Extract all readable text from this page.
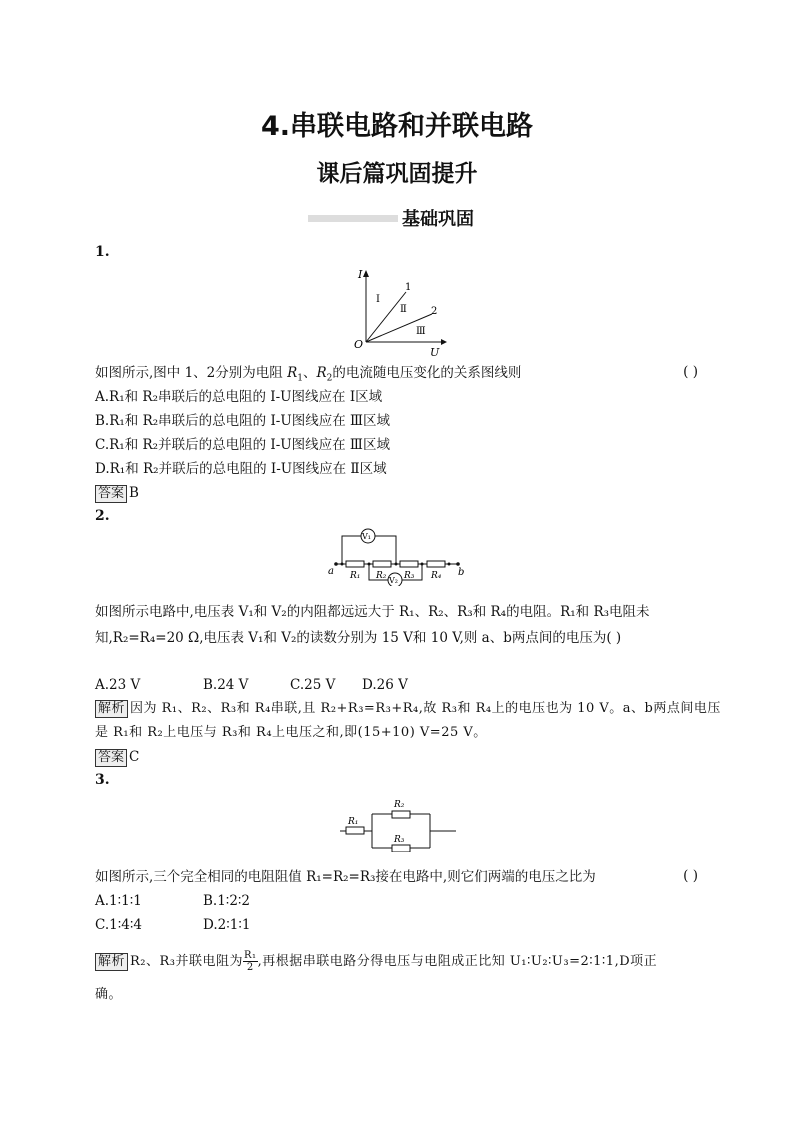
4.串联电路和并联电路
课后篇巩固提升
基础巩固
1.
I
U
O
1
2
Ⅰ
Ⅱ
Ⅲ
如图所示,图中 1、2分别为电阻 $R_1$、$R_2$的电流随电压变化的关系图线则	( )
A.R₁和 R₂串联后的总电阻的 I-U图线应在 Ⅰ区域
B.R₁和 R₂串联后的总电阻的 I-U图线应在 Ⅲ区域
C.R₁和 R₂并联后的总电阻的 I-U图线应在 Ⅲ区域
D.R₁和 R₂并联后的总电阻的 I-U图线应在 Ⅱ区域
答案 B
2.
V₁
V₂
a	b
R₁ R₂ R₃ R₄
如图所示电路中,电压表 V₁和 V₂的内阻都远远大于 R₁、R₂、R₃和 R₄的电阻。R₁和 R₃电阻未
知,R₂=R₄=20 Ω,电压表 V₁和 V₂的读数分别为 15 V和 10 V,则 a、b两点间的电压为( )
A.23 V	B.24 V	C.25 V D.26 V
解析 因为 R₁、R₂、R₃和 R₄串联,且 R₂+R₃=R₃+R₄,故 R₃和 R₄上的电压也为 10 V。a、b两点间电压
是 R₁和 R₂上电压与 R₃和 R₄上电压之和,即(15+10) V=25 V。
答案 C
3.
R₁
R₂
R₃
如图所示,三个完全相同的电阻阻值 R₁=R₂=R₃接在电路中,则它们两端的电压之比为	( )
A.1∶1∶1	B.1∶2∶2
C.1∶4∶4	D.2∶1∶1
解析 R₂、R₃并联电阻为 $\frac{\text{R₁}}{2}$ ,再根据串联电路分得电压与电阻成正比知 U₁∶U₂∶U₃=2∶1∶1,D项正
确。
